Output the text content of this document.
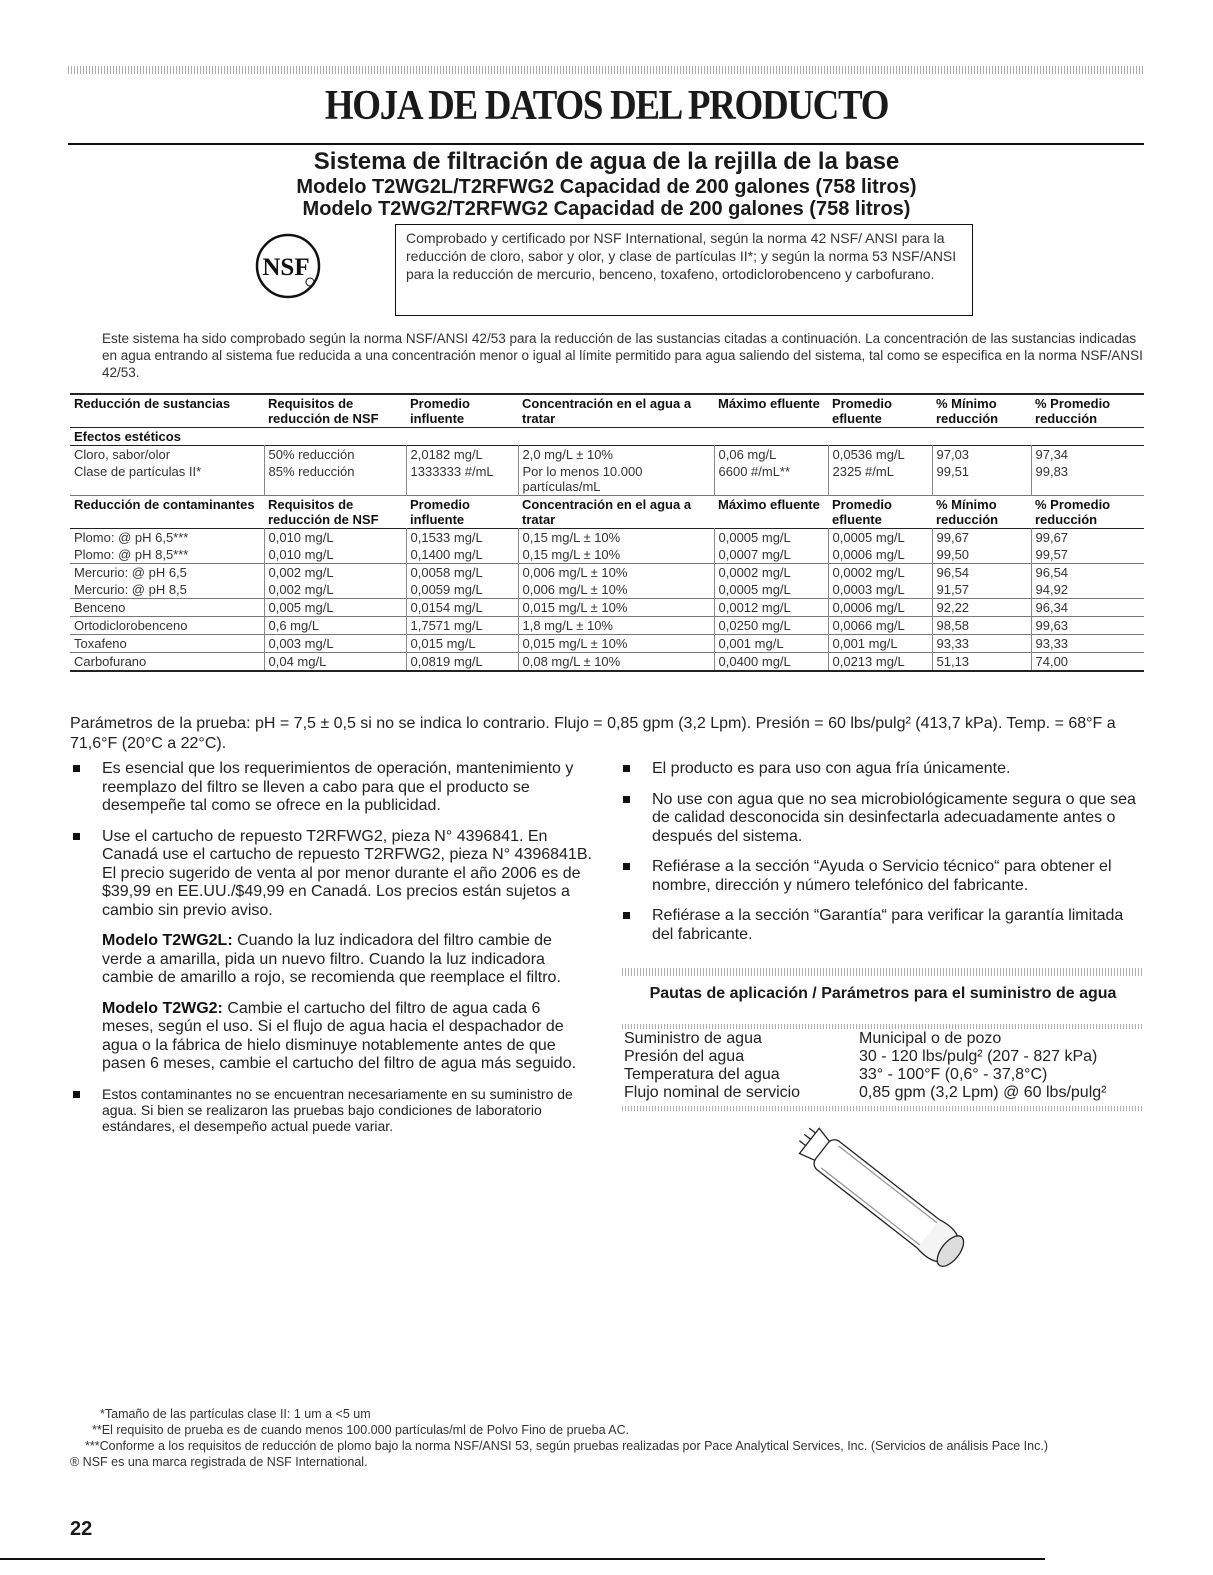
HOJA DE DATOS DEL PRODUCTO
Sistema de filtración de agua de la rejilla de la base
Modelo T2WG2L/T2RFWG2 Capacidad de 200 galones (758 litros)
Modelo T2WG2/T2RFWG2 Capacidad de 200 galones (758 litros)
NSF
Comprobado y certificado por NSF International, según la norma 42 NSF/ ANSI para la reducción de cloro, sabor y olor, y clase de partículas II*; y según la norma 53 NSF/ANSI para la reducción de mercurio, benceno, toxafeno, ortodiclorobenceno y carbofurano.
Este sistema ha sido comprobado según la norma NSF/ANSI 42/53 para la reducción de las sustancias citadas a continuación. La concentración de las sustancias indicadas en agua entrando al sistema fue reducida a una concentración menor o igual al límite permitido para agua saliendo del sistema, tal como se especifica en la norma NSF/ANSI 42/53.
Reducción de sustancias	Requisitos de reducción de NSF	Promedio influente	Concentración en el agua a tratar	Máximo efluente	Promedio efluente	% Mínimo reducción	% Promedio reducción
Efectos estéticos							
Cloro, sabor/olor	50% reducción	2,0182 mg/L	2,0 mg/L ± 10%	0,06 mg/L	0,0536 mg/L	97,03	97,34
Clase de partículas II*	85% reducción	1333333 #/mL	Por lo menos 10.000 partículas/mL	6600 #/mL**	2325 #/mL	99,51	99,83
Reducción de contaminantes	Requisitos de reducción de NSF	Promedio influente	Concentración en el agua a tratar	Máximo efluente	Promedio efluente	% Mínimo reducción	% Promedio reducción
Plomo: @ pH 6,5***	0,010 mg/L	0,1533 mg/L	0,15 mg/L ± 10%	0,0005 mg/L	0,0005 mg/L	99,67	99,67
Plomo: @ pH 8,5***	0,010 mg/L	0,1400 mg/L	0,15 mg/L ± 10%	0,0007 mg/L	0,0006 mg/L	99,50	99,57
Mercurio: @ pH 6,5	0,002 mg/L	0,0058 mg/L	0,006 mg/L ± 10%	0,0002 mg/L	0,0002 mg/L	96,54	96,54
Mercurio: @ pH 8,5	0,002 mg/L	0,0059 mg/L	0,006 mg/L ± 10%	0,0005 mg/L	0,0003 mg/L	91,57	94,92
Benceno	0,005 mg/L	0,0154 mg/L	0,015 mg/L ± 10%	0,0012 mg/L	0,0006 mg/L	92,22	96,34
Ortodiclorobenceno	0,6 mg/L	1,7571 mg/L	1,8 mg/L ± 10%	0,0250 mg/L	0,0066 mg/L	98,58	99,63
Toxafeno	0,003 mg/L	0,015 mg/L	0,015 mg/L ± 10%	0,001 mg/L	0,001 mg/L	93,33	93,33
Carbofurano	0,04 mg/L	0,0819 mg/L	0,08 mg/L ± 10%	0,0400 mg/L	0,0213 mg/L	51,13	74,00
Parámetros de la prueba: pH = 7,5 ± 0,5 si no se indica lo contrario. Flujo = 0,85 gpm (3,2 Lpm). Presión = 60 lbs/pulg² (413,7 kPa). Temp. = 68°F a 71,6°F (20°C a 22°C).
Es esencial que los requerimientos de operación, mantenimiento y reemplazo del filtro se lleven a cabo para que el producto se desempeñe tal como se ofrece en la publicidad.
Use el cartucho de repuesto T2RFWG2, pieza N° 4396841. En Canadá use el cartucho de repuesto T2RFWG2, pieza N° 4396841B. El precio sugerido de venta al por menor durante el año 2006 es de $39,99 en EE.UU./$49,99 en Canadá. Los precios están sujetos a cambio sin previo aviso.
Modelo T2WG2L: Cuando la luz indicadora del filtro cambie de verde a amarilla, pida un nuevo filtro. Cuando la luz indicadora cambie de amarillo a rojo, se recomienda que reemplace el filtro.
Modelo T2WG2: Cambie el cartucho del filtro de agua cada 6 meses, según el uso. Si el flujo de agua hacia el despachador de agua o la fábrica de hielo disminuye notablemente antes de que pasen 6 meses, cambie el cartucho del filtro de agua más seguido.
Estos contaminantes no se encuentran necesariamente en su suministro de agua. Si bien se realizaron las pruebas bajo condiciones de laboratorio estándares, el desempeño actual puede variar.
El producto es para uso con agua fría únicamente.
No use con agua que no sea microbiológicamente segura o que sea de calidad desconocida sin desinfectarla adecuadamente antes o después del sistema.
Refiérase a la sección “Ayuda o Servicio técnico“ para obtener el nombre, dirección y número telefónico del fabricante.
Refiérase a la sección “Garantía“ para verificar la garantía limitada del fabricante.
Pautas de aplicación / Parámetros para el suministro de agua
Suministro de agua	Municipal o de pozo
Presión del agua	30 - 120 lbs/pulg² (207 - 827 kPa)
Temperatura del agua	33° - 100°F (0,6° - 37,8°C)
Flujo nominal de servicio	0,85 gpm (3,2 Lpm) @ 60 lbs/pulg²
*Tamaño de las partículas clase II: 1 um a <5 um
**El requisito de prueba es de cuando menos 100.000 partículas/ml de Polvo Fino de prueba AC.
***Conforme a los requisitos de reducción de plomo bajo la norma NSF/ANSI 53, según pruebas realizadas por Pace Analytical Services, Inc. (Servicios de análisis Pace Inc.)
® NSF es una marca registrada de NSF International.
22
